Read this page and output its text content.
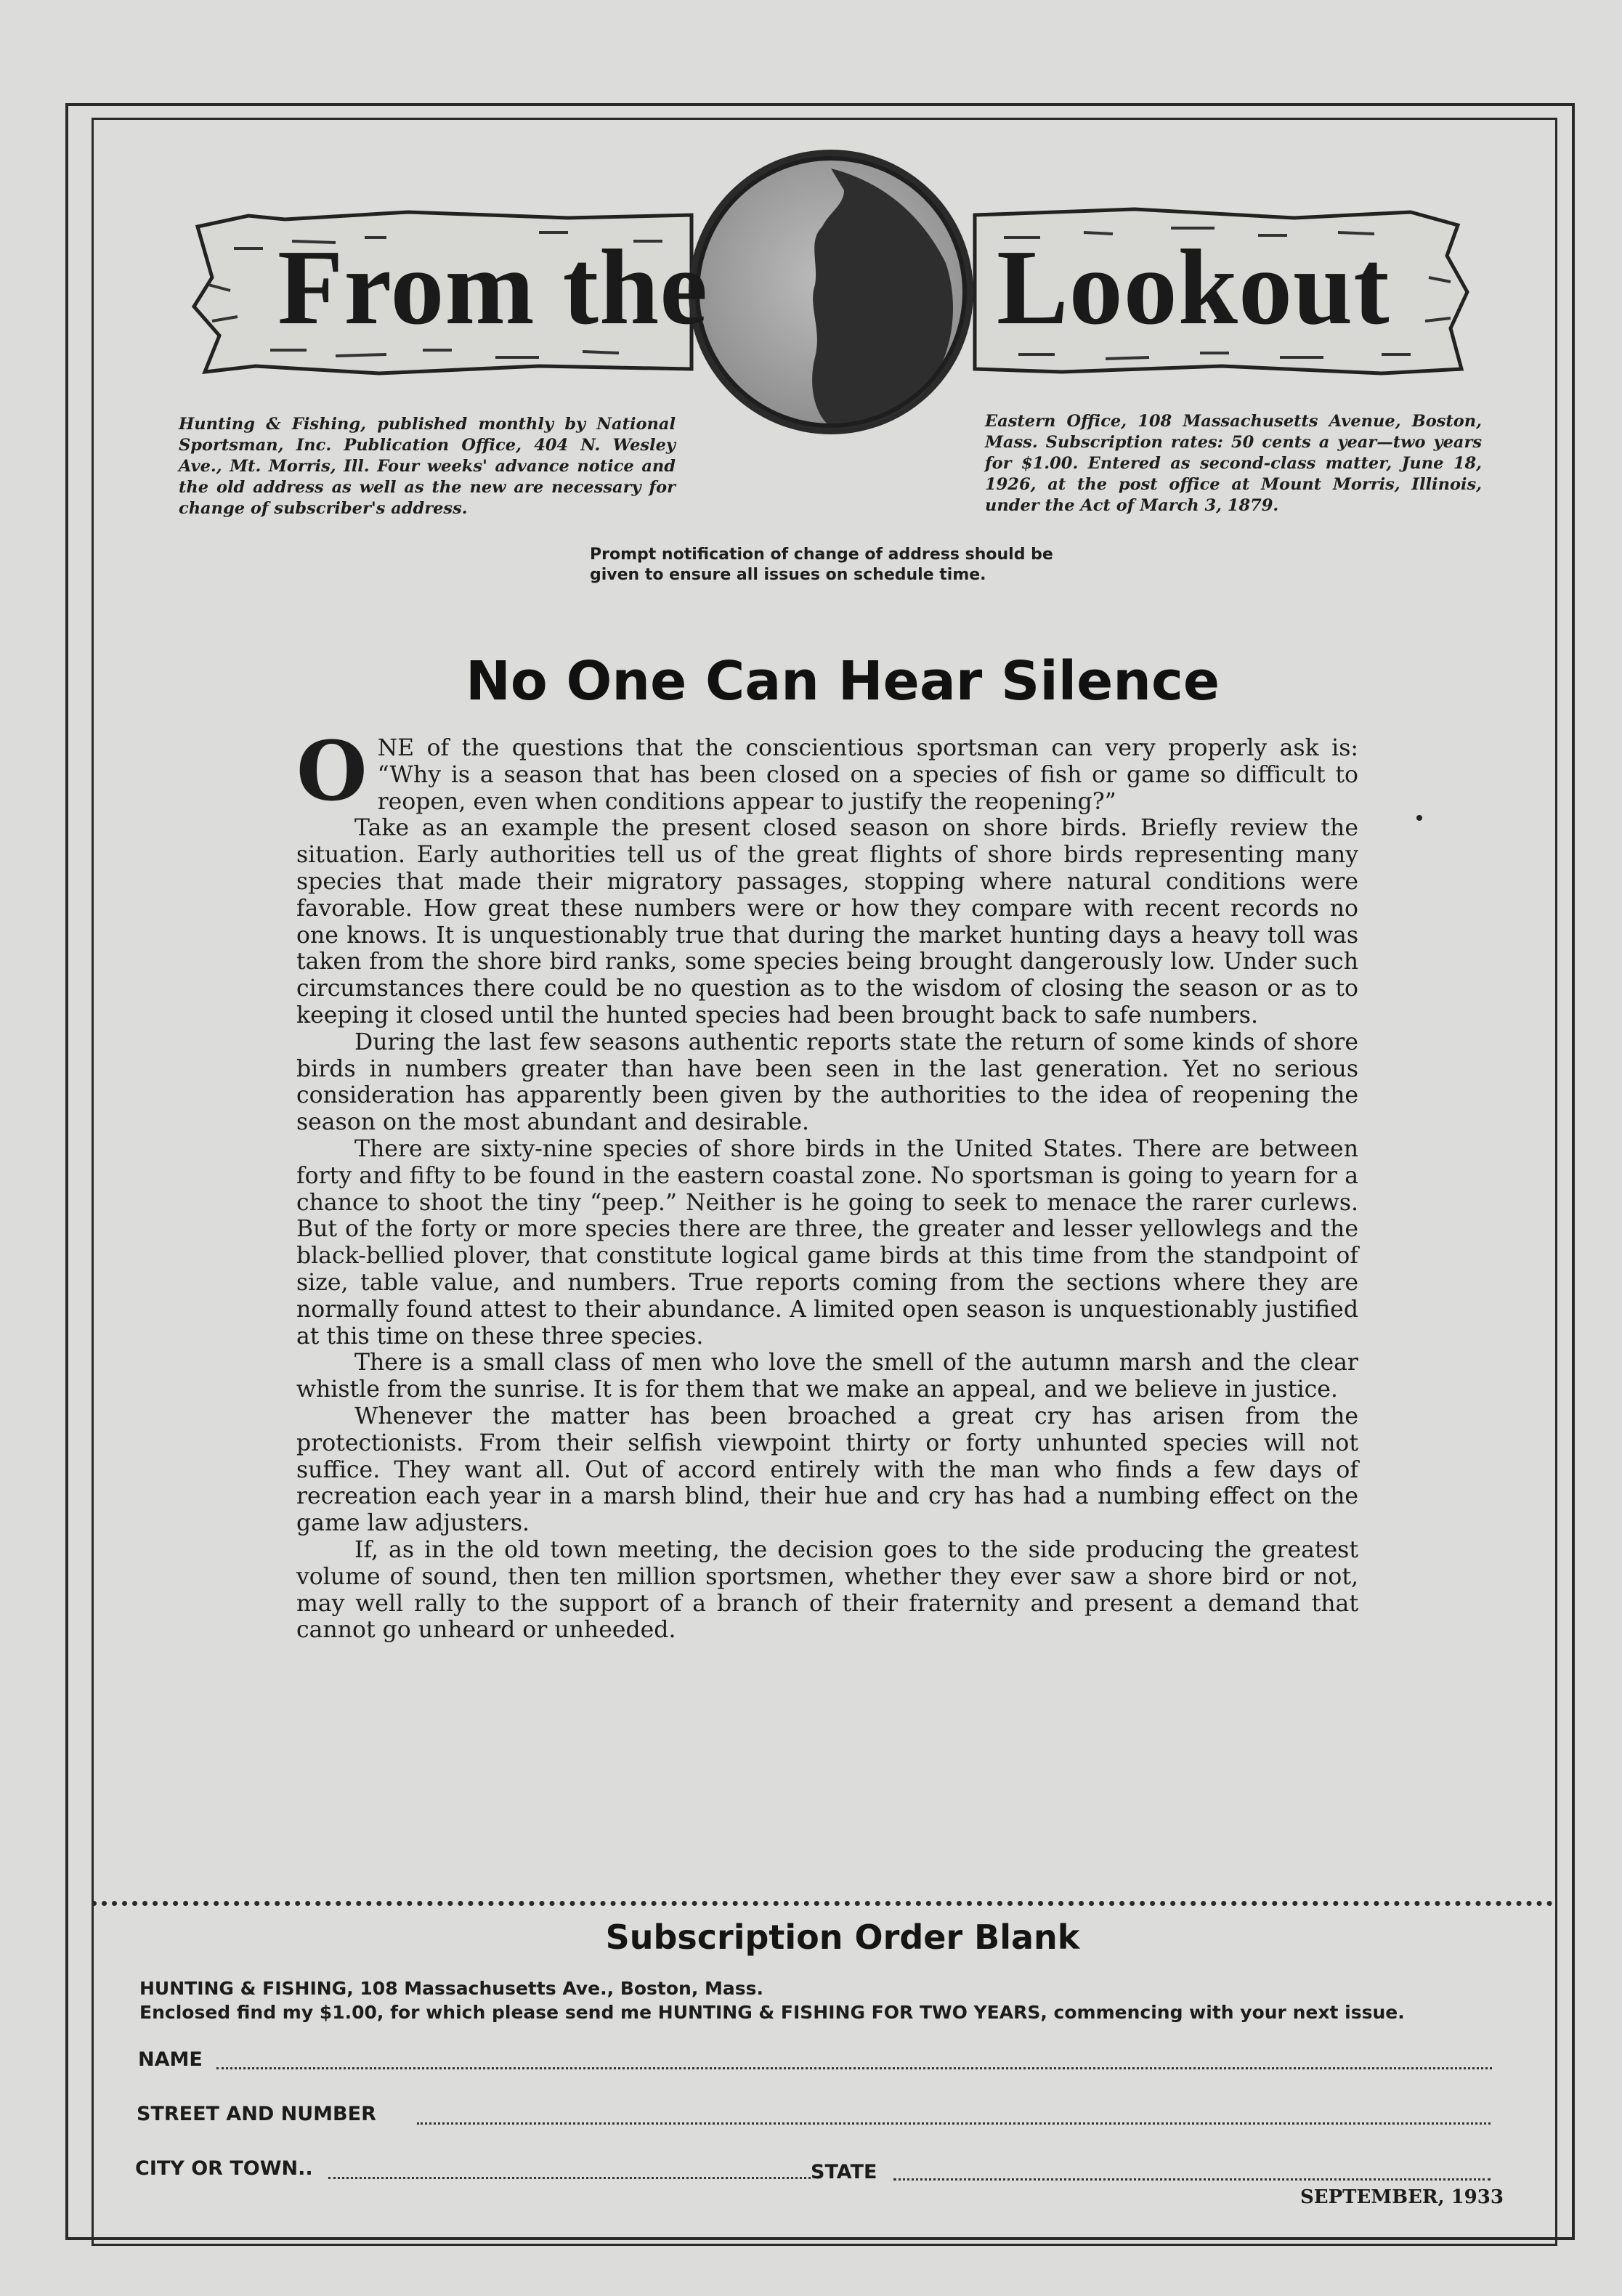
From the	Lookout
Hunting & Fishing, published monthly by National Sportsman, Inc. Publication Office, 404 N. Wesley Ave., Mt. Morris, Ill. Four weeks' advance notice and the old address as well as the new are necessary for change of subscriber's address.
Eastern Office, 108 Massachusetts Avenue, Boston, Mass. Subscription rates: 50 cents a year—two years for $1.00. Entered as second-class matter, June 18, 1926, at the post office at Mount Morris, Illinois, under the Act of March 3, 1879.
Prompt notification of change of address should be given to ensure all issues on schedule time.
No One Can Hear Silence

ONE of the questions that the conscientious sportsman can very properly ask is: “Why is a season that has been closed on a species of fish or game so difficult to reopen, even when conditions appear to justify the reopening?”

Take as an example the present closed season on shore birds. Briefly review the situation. Early authorities tell us of the great flights of shore birds representing many species that made their migratory passages, stopping where natural conditions were favorable. How great these numbers were or how they compare with recent records no one knows. It is unquestionably true that during the market hunting days a heavy toll was taken from the shore bird ranks, some species being brought dangerously low. Under such circumstances there could be no question as to the wisdom of closing the season or as to keeping it closed until the hunted species had been brought back to safe numbers.

During the last few seasons authentic reports state the return of some kinds of shore birds in numbers greater than have been seen in the last generation. Yet no serious consideration has apparently been given by the authorities to the idea of reopening the season on the most abundant and desirable.

There are sixty-nine species of shore birds in the United States. There are between forty and fifty to be found in the eastern coastal zone. No sportsman is going to yearn for a chance to shoot the tiny “peep.” Neither is he going to seek to menace the rarer curlews. But of the forty or more species there are three, the greater and lesser yellowlegs and the black-bellied plover, that constitute logical game birds at this time from the standpoint of size, table value, and numbers. True reports coming from the sections where they are normally found attest to their abundance. A limited open season is unquestionably justified at this time on these three species.

There is a small class of men who love the smell of the autumn marsh and the clear whistle from the sunrise. It is for them that we make an appeal, and we believe in justice.

Whenever the matter has been broached a great cry has arisen from the protectionists. From their selfish viewpoint thirty or forty unhunted species will not suffice. They want all. Out of accord entirely with the man who finds a few days of recreation each year in a marsh blind, their hue and cry has had a numbing effect on the game law adjusters.

If, as in the old town meeting, the decision goes to the side producing the greatest volume of sound, then ten million sportsmen, whether they ever saw a shore bird or not, may well rally to the support of a branch of their fraternity and present a demand that cannot go unheard or unheeded.

Subscription Order Blank
HUNTING & FISHING, 108 Massachusetts Ave., Boston, Mass.
Enclosed find my $1.00, for which please send me HUNTING & FISHING FOR TWO YEARS, commencing with your next issue.
NAME
STREET AND NUMBER
CITY OR TOWN..	STATE
SEPTEMBER, 1933
